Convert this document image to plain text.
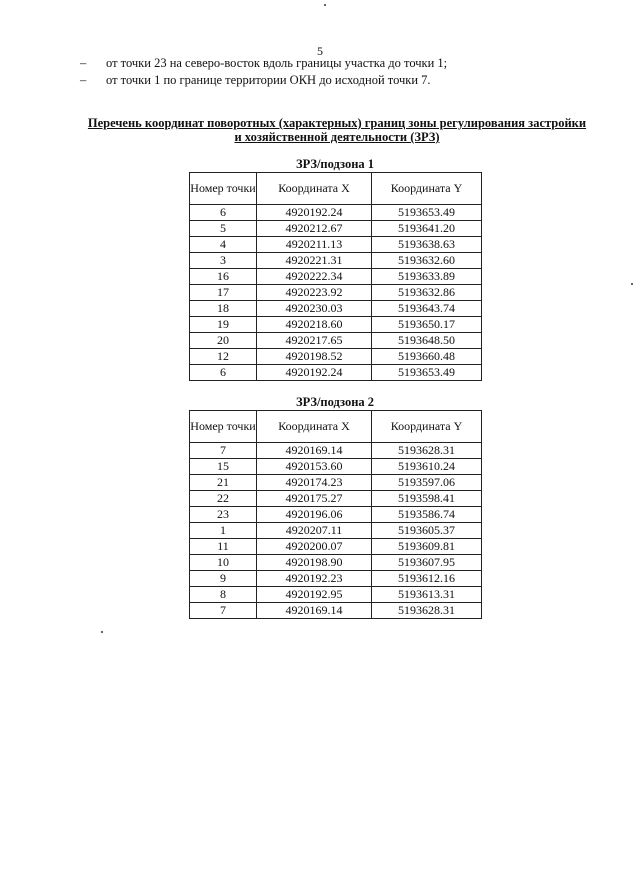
5
– от точки 23 на северо-восток вдоль границы участка до точки 1;
– от точки 1 по границе территории ОКН до исходной точки 7.

Перечень координат поворотных (характерных) границ зоны регулирования застройки
и хозяйственной деятельности (ЗРЗ)

ЗРЗ/подзона 1
Номер точки	Координата X	Координата Y
6	4920192.24	5193653.49
5	4920212.67	5193641.20
4	4920211.13	5193638.63
3	4920221.31	5193632.60
16	4920222.34	5193633.89
17	4920223.92	5193632.86
18	4920230.03	5193643.74
19	4920218.60	5193650.17
20	4920217.65	5193648.50
12	4920198.52	5193660.48
6	4920192.24	5193653.49
ЗРЗ/подзона 2
Номер точки	Координата X	Координата Y
7	4920169.14	5193628.31
15	4920153.60	5193610.24
21	4920174.23	5193597.06
22	4920175.27	5193598.41
23	4920196.06	5193586.74
1	4920207.11	5193605.37
11	4920200.07	5193609.81
10	4920198.90	5193607.95
9	4920192.23	5193612.16
8	4920192.95	5193613.31
7	4920169.14	5193628.31
